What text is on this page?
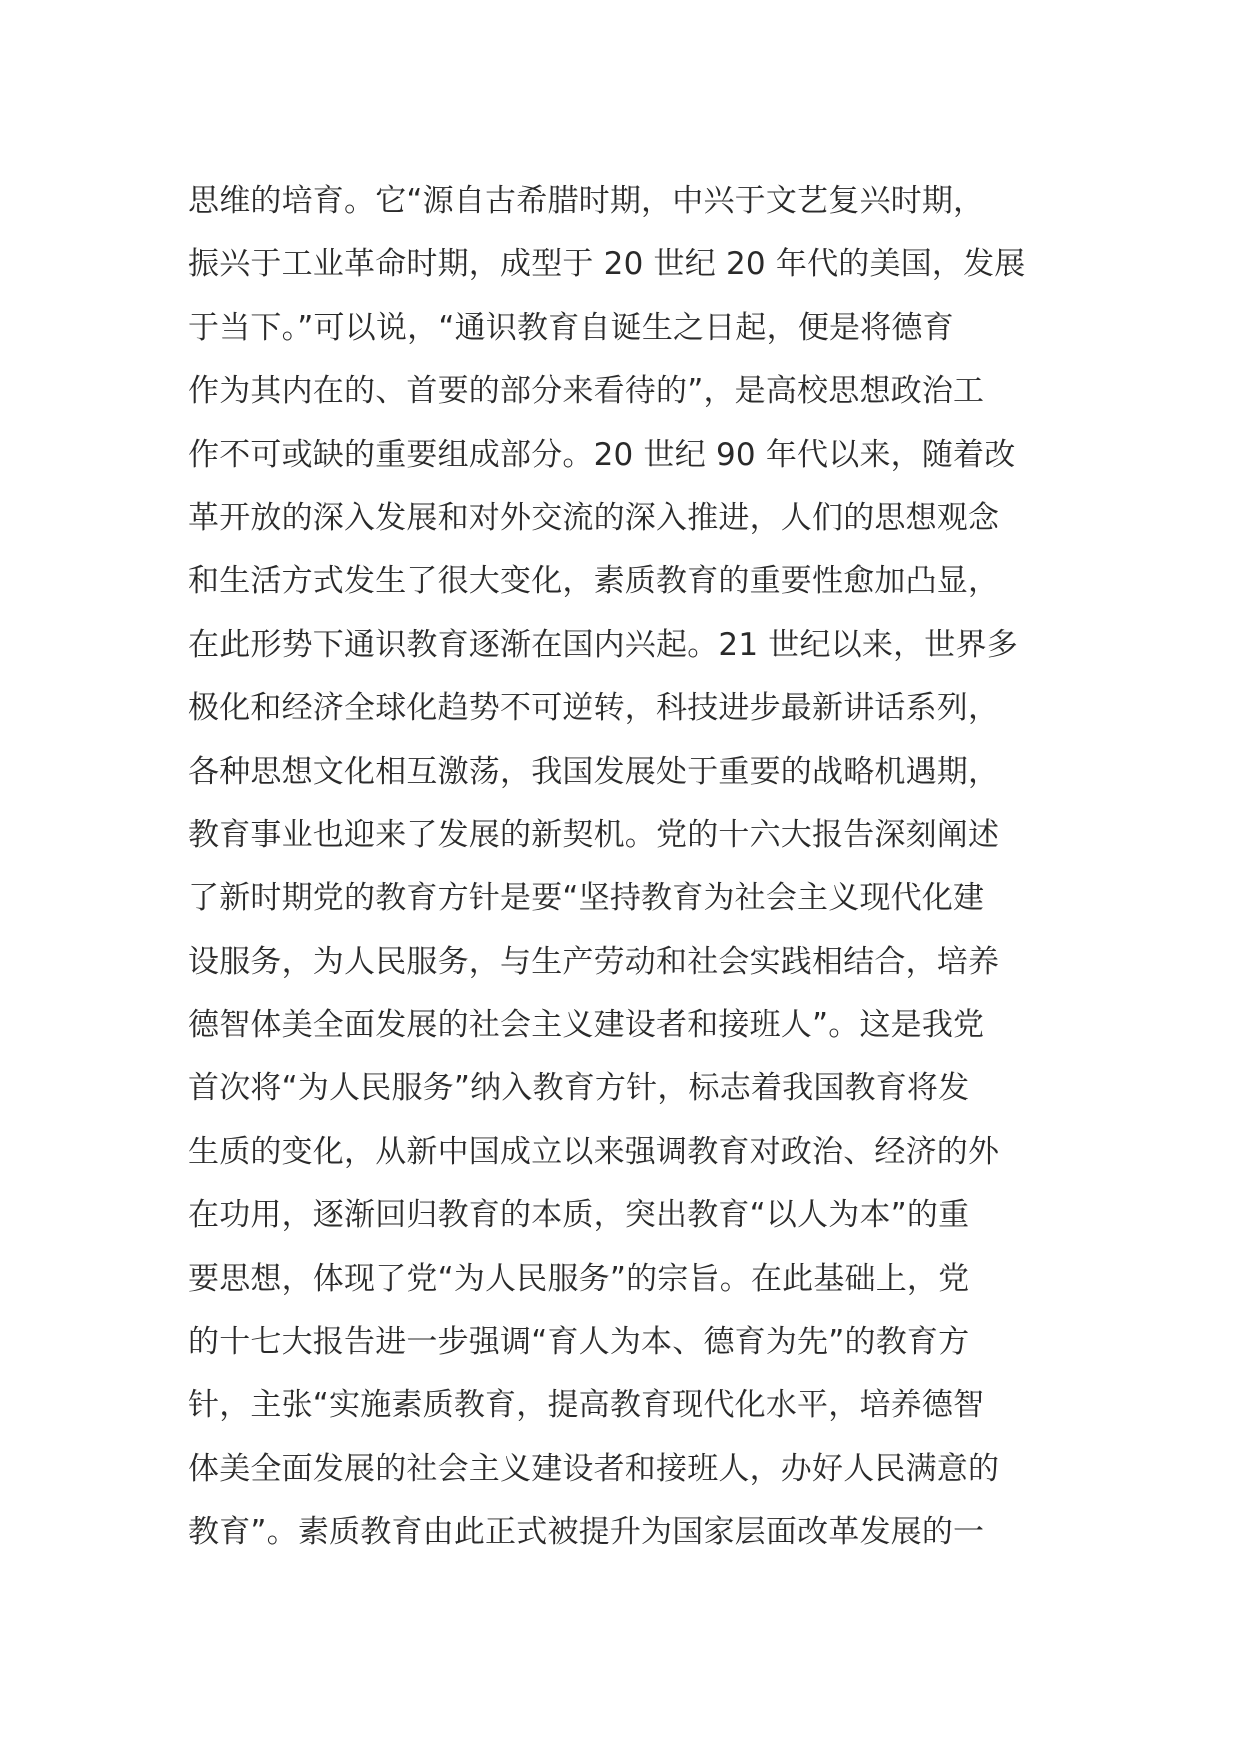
思维的培育。它“源自古希腊时期，中兴于文艺复兴时期，
振兴于工业革命时期，成型于 20 世纪 20 年代的美国，发展
于当下。”可以说，“通识教育自诞生之日起，便是将德育
作为其内在的、首要的部分来看待的”，是高校思想政治工
作不可或缺的重要组成部分。20 世纪 90 年代以来，随着改
革开放的深入发展和对外交流的深入推进，人们的思想观念
和生活方式发生了很大变化，素质教育的重要性愈加凸显，
在此形势下通识教育逐渐在国内兴起。21 世纪以来，世界多
极化和经济全球化趋势不可逆转，科技进步最新讲话系列，
各种思想文化相互激荡，我国发展处于重要的战略机遇期，
教育事业也迎来了发展的新契机。党的十六大报告深刻阐述
了新时期党的教育方针是要“坚持教育为社会主义现代化建
设服务，为人民服务，与生产劳动和社会实践相结合，培养
德智体美全面发展的社会主义建设者和接班人”。这是我党
首次将“为人民服务”纳入教育方针，标志着我国教育将发
生质的变化，从新中国成立以来强调教育对政治、经济的外
在功用，逐渐回归教育的本质，突出教育“以人为本”的重
要思想，体现了党“为人民服务”的宗旨。在此基础上，党
的十七大报告进一步强调“育人为本、德育为先”的教育方
针，主张“实施素质教育，提高教育现代化水平，培养德智
体美全面发展的社会主义建设者和接班人，办好人民满意的
教育”。素质教育由此正式被提升为国家层面改革发展的一
